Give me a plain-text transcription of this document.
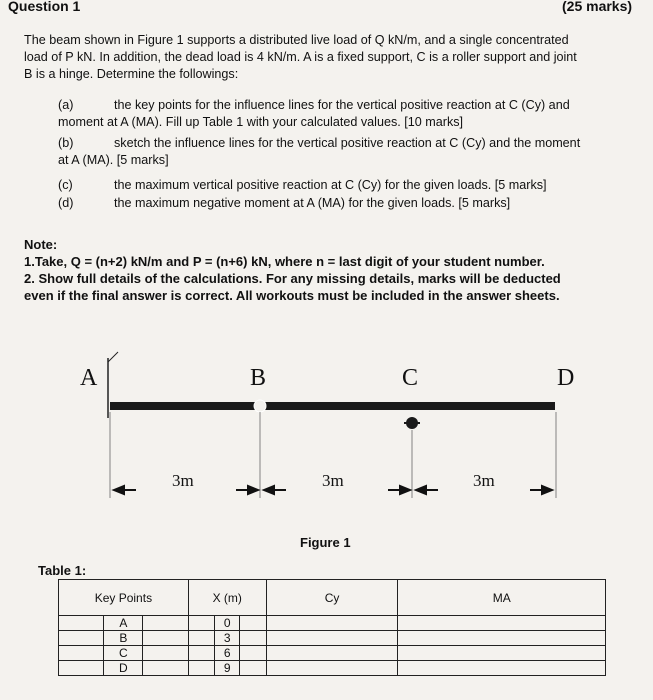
Question 1	(25 marks)
The beam shown in Figure 1 supports a distributed live load of Q kN/m, and a single concentrated
load of P kN. In addition, the dead load is 4 kN/m. A is a fixed support, C is a roller support and joint
B is a hinge. Determine the followings:
(a)	the key points for the influence lines for the vertical positive reaction at C (Cy) and
moment at A (MA). Fill up Table 1 with your calculated values. [10 marks]
(b)	sketch the influence lines for the vertical positive reaction at C (Cy) and the moment
at A (MA). [5 marks]
(c)	the maximum vertical positive reaction at C (Cy) for the given loads. [5 marks]
(d)	the maximum negative moment at A (MA) for the given loads. [5 marks]
Note:
1.Take, Q = (n+2) kN/m and P = (n+6) kN, where n = last digit of your student number.
2. Show full details of the calculations. For any missing details, marks will be deducted
even if the final answer is correct. All workouts must be included in the answer sheets.
A	B	C	D
3m	3m	3m
Figure 1
Table 1:
Key Points	X (m)	Cy	MA
A	0		
B	3		
C	6		
D	9		
